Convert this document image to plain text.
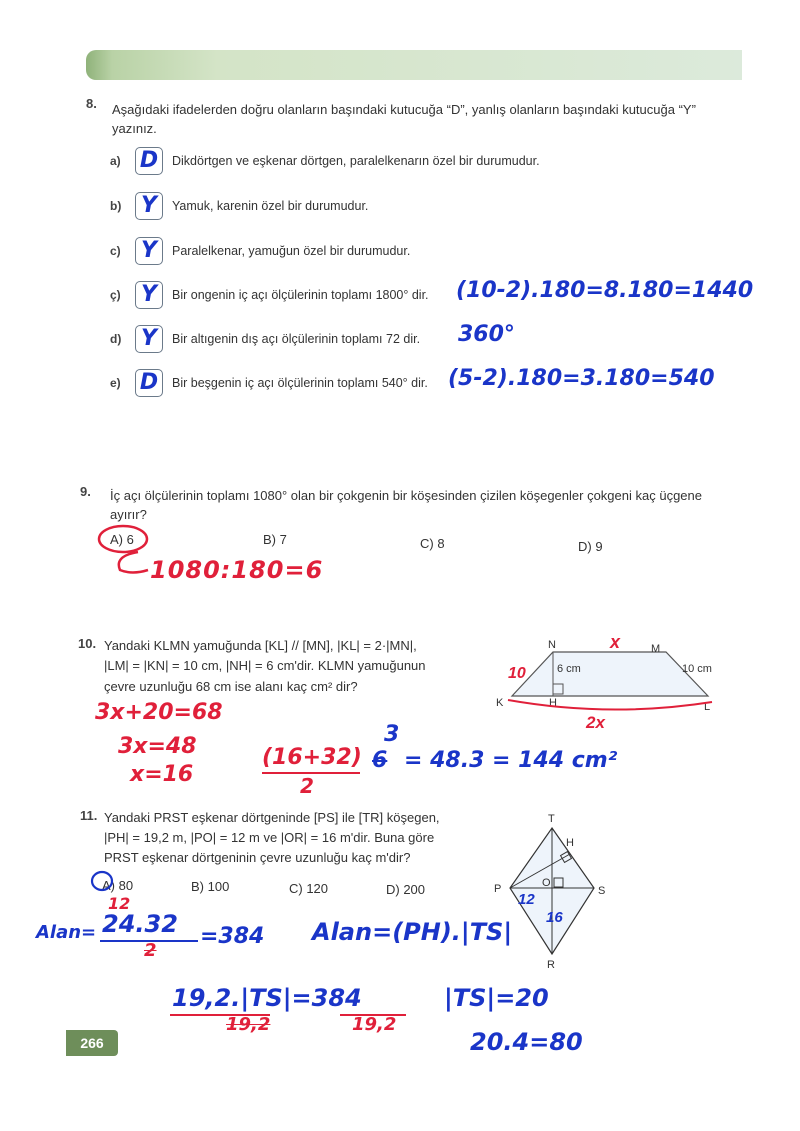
8. Aşağıdaki ifadelerden doğru olanların başındaki kutucuğa “D”, yanlış olanların başındaki kutucuğa “Y” yazınız.
a) D	Dikdörtgen ve eşkenar dörtgen, paralelkenarın özel bir durumudur.
b) Y	Yamuk, karenin özel bir durumudur.
c) Y	Paralelkenar, yamuğun özel bir durumudur.
ç) Y	Bir ongenin iç açı ölçülerinin toplamı 1800° dir. (10-2).180=8.180=1440
d) Y	Bir altıgenin dış açı ölçülerinin toplamı 72 dir. 360°
e) D	Bir beşgenin iç açı ölçülerinin toplamı 540° dir. (5-2).180=3.180=540
9. İç açı ölçülerinin toplamı 1080° olan bir çokgenin bir köşesinden çizilen köşegenler çokgeni kaç üçgene ayırır?
A) 6	B) 7	C) 8	D) 9
1080:180=6
10. Yandaki KLMN yamuğunda [KL] // [MN], |KL| = 2·|MN|,
|LM| = |KN| = 10 cm, |NH| = 6 cm'dir. KLMN yamuğunun
çevre uzunluğu 68 cm ise alanı kaç cm² dir?
N	M
K	H	L
6 cm	10 cm
x
10
2x
3x+20=68
3x=48
x=16
(16+32)
2
3
6 = 48.3 = 144 cm²
11. Yandaki PRST eşkenar dörtgeninde [PS] ile [TR] köşegen,
|PH| = 19,2 m, |PO| = 12 m ve |OR| = 16 m'dir. Buna göre
PRST eşkenar dörtgeninin çevre uzunluğu kaç m'dir?
A) 80	B) 100	C) 120	D) 200
T
H
O
P	S
R
12
16
Alan=
12
24.32
2
=384 Alan=(PH).|TS|
19,2.|TS|=384
19,2	19,2
|TS|=20
20.4=80
266
